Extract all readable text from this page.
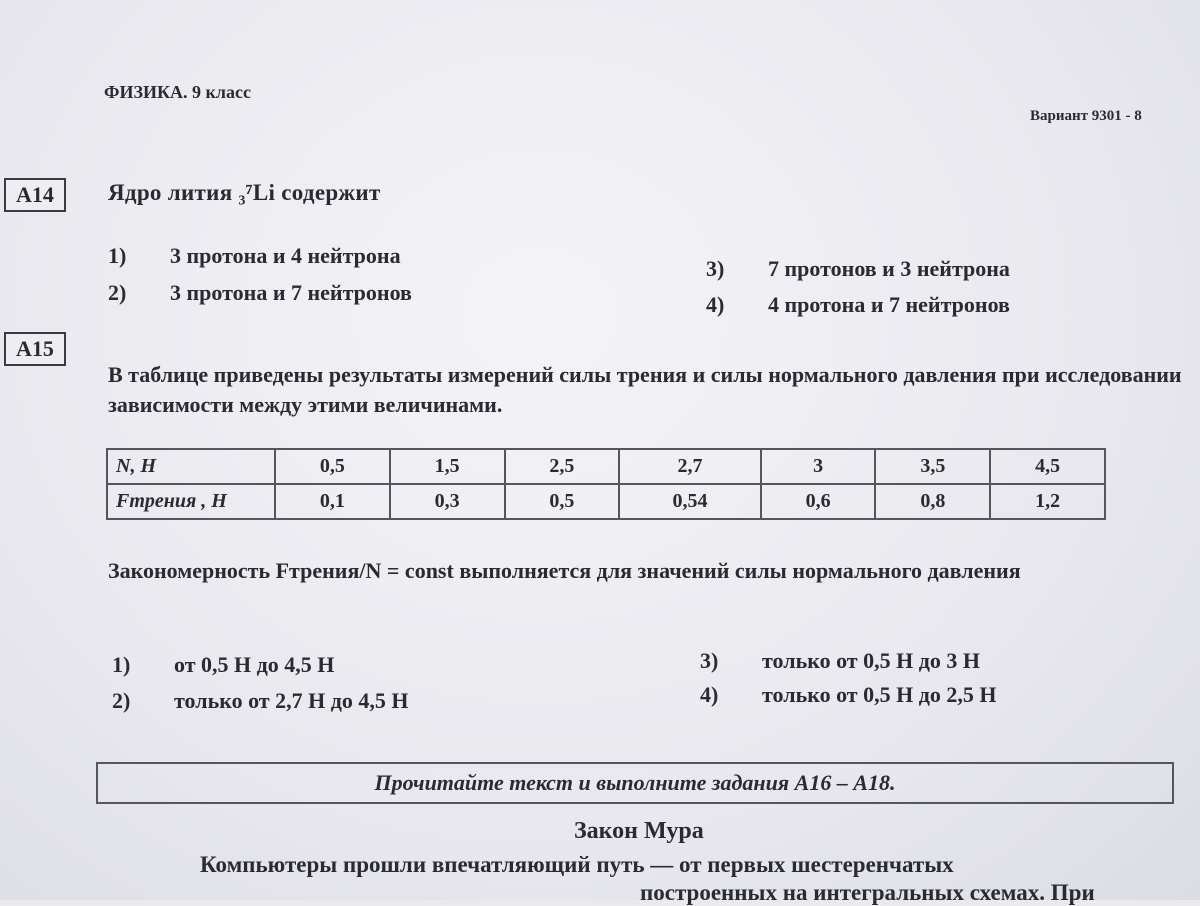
ФИЗИКА. 9 класс
Вариант 9301 - 8
А14	Ядро лития ₃⁷Li содержит
1) 3 протона и 4 нейтрона
2) 3 протона и 7 нейтронов
3) 7 протонов и 3 нейтрона
4) 4 протона и 7 нейтронов
А15
В таблице приведены результаты измерений силы трения и силы нормального давления при исследовании зависимости между этими величинами.
N, Н	0,5	1,5	2,5	2,7	3	3,5	4,5
Fтрения , Н	0,1	0,3	0,5	0,54	0,6	0,8	1,2
Закономерность Fтрения/N = const выполняется для значений силы нормального давления
1) от 0,5 Н до 4,5 Н
2) только от 2,7 Н до 4,5 Н
3) только от 0,5 Н до 3 Н
4) только от 0,5 Н до 2,5 Н
Прочитайте текст и выполните задания А16 – А18.
Закон Мура
Компьютеры прошли впечатляющий путь — от первых шестеренчатых
построенных на интегральных схемах. При
